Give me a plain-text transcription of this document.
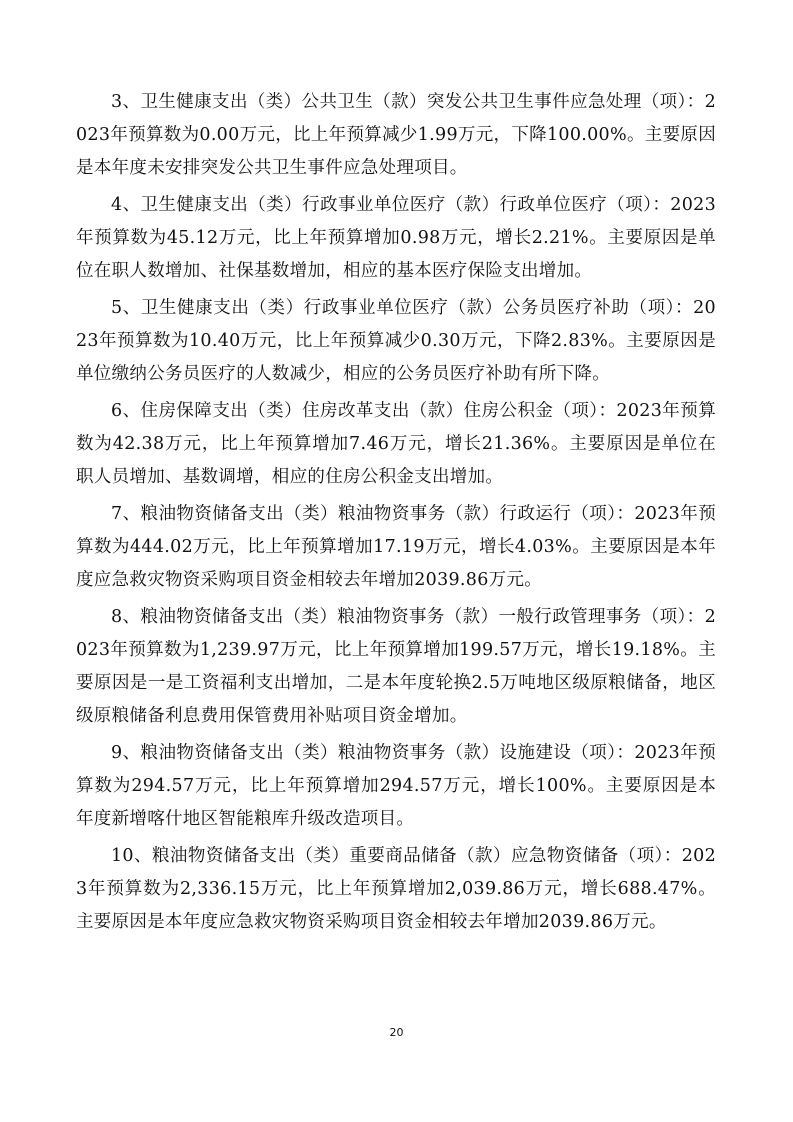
3、卫生健康支出（类）公共卫生（款）突发公共卫生事件应急处理（项）：2023年预算数为0.00万元，比上年预算减少1.99万元，下降100.00%。主要原因是本年度未安排突发公共卫生事件应急处理项目。

4、卫生健康支出（类）行政事业单位医疗（款）行政单位医疗（项）：2023年预算数为45.12万元，比上年预算增加0.98万元，增长2.21%。主要原因是单位在职人数增加、社保基数增加，相应的基本医疗保险支出增加。

5、卫生健康支出（类）行政事业单位医疗（款）公务员医疗补助（项）：2023年预算数为10.40万元，比上年预算减少0.30万元，下降2.83%。主要原因是单位缴纳公务员医疗的人数减少，相应的公务员医疗补助有所下降。

6、住房保障支出（类）住房改革支出（款）住房公积金（项）：2023年预算数为42.38万元，比上年预算增加7.46万元，增长21.36%。主要原因是单位在职人员增加、基数调增，相应的住房公积金支出增加。

7、粮油物资储备支出（类）粮油物资事务（款）行政运行（项）：2023年预算数为444.02万元，比上年预算增加17.19万元，增长4.03%。主要原因是本年度应急救灾物资采购项目资金相较去年增加2039.86万元。

8、粮油物资储备支出（类）粮油物资事务（款）一般行政管理事务（项）：2023年预算数为1,239.97万元，比上年预算增加199.57万元，增长19.18%。主要原因是一是工资福利支出增加，二是本年度轮换2.5万吨地区级原粮储备，地区级原粮储备利息费用保管费用补贴项目资金增加。

9、粮油物资储备支出（类）粮油物资事务（款）设施建设（项）：2023年预算数为294.57万元，比上年预算增加294.57万元，增长100%。主要原因是本年度新增喀什地区智能粮库升级改造项目。

10、粮油物资储备支出（类）重要商品储备（款）应急物资储备（项）：2023年预算数为2,336.15万元，比上年预算增加2,039.86万元，增长688.47%。主要原因是本年度应急救灾物资采购项目资金相较去年增加2039.86万元。

20
